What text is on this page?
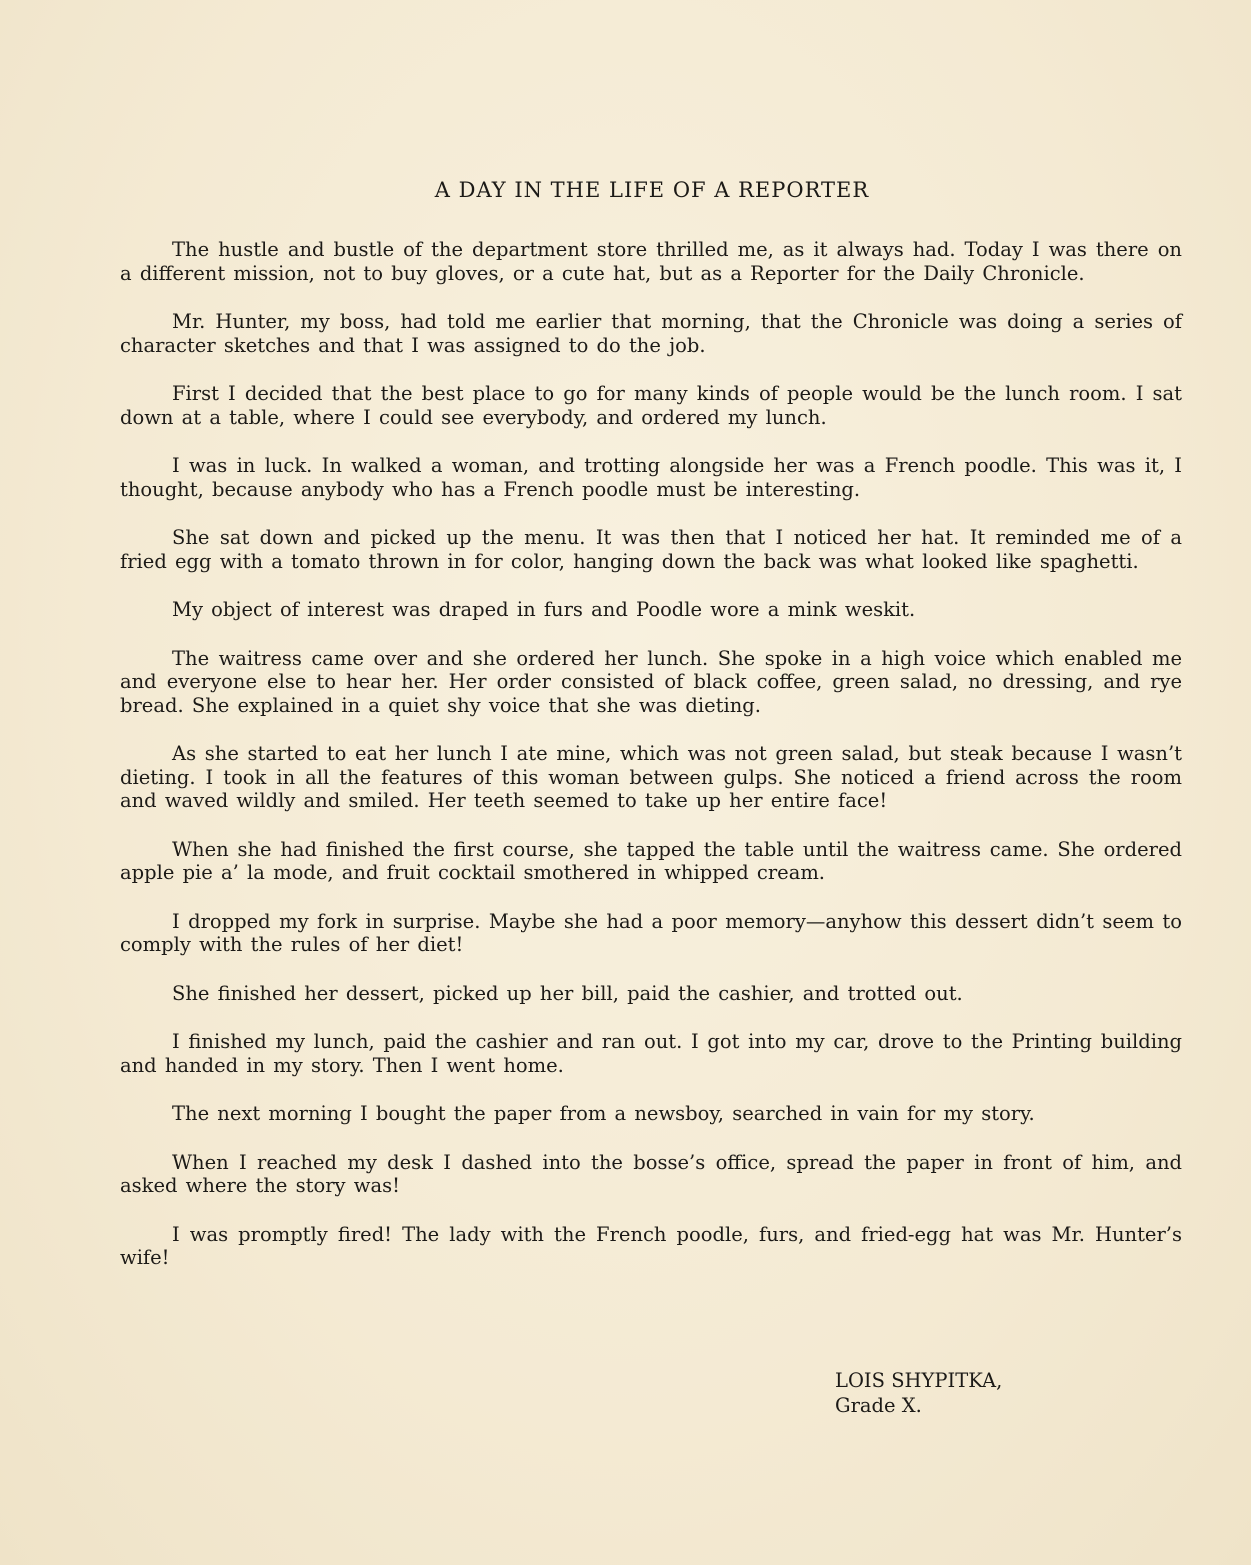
A DAY IN THE LIFE OF A REPORTER

The hustle and bustle of the department store thrilled me, as it always had. Today I was there on a different mission, not to buy gloves, or a cute hat, but as a Reporter for the Daily Chronicle.

Mr. Hunter, my boss, had told me earlier that morning, that the Chronicle was doing a series of character sketches and that I was assigned to do the job.

First I decided that the best place to go for many kinds of people would be the lunch room. I sat down at a table, where I could see everybody, and ordered my lunch.

I was in luck. In walked a woman, and trotting alongside her was a French poodle. This was it, I thought, because anybody who has a French poodle must be interesting.

She sat down and picked up the menu. It was then that I noticed her hat. It reminded me of a fried egg with a tomato thrown in for color, hanging down the back was what looked like spaghetti.

My object of interest was draped in furs and Poodle wore a mink weskit.

The waitress came over and she ordered her lunch. She spoke in a high voice which enabled me and everyone else to hear her. Her order consisted of black coffee, green salad, no dressing, and rye bread. She explained in a quiet shy voice that she was dieting.

As she started to eat her lunch I ate mine, which was not green salad, but steak because I wasn’t dieting. I took in all the features of this woman between gulps. She noticed a friend across the room and waved wildly and smiled. Her teeth seemed to take up her entire face!

When she had finished the first course, she tapped the table until the waitress came. She ordered apple pie a’ la mode, and fruit cocktail smothered in whipped cream.

I dropped my fork in surprise. Maybe she had a poor memory—anyhow this dessert didn’t seem to comply with the rules of her diet!

She finished her dessert, picked up her bill, paid the cashier, and trotted out.

I finished my lunch, paid the cashier and ran out. I got into my car, drove to the Printing building and handed in my story. Then I went home.

The next morning I bought the paper from a newsboy, searched in vain for my story.

When I reached my desk I dashed into the bosse’s office, spread the paper in front of him, and asked where the story was!

I was promptly fired! The lady with the French poodle, furs, and fried-egg hat was Mr. Hunter’s wife!

LOIS SHYPITKA,
Grade X.
